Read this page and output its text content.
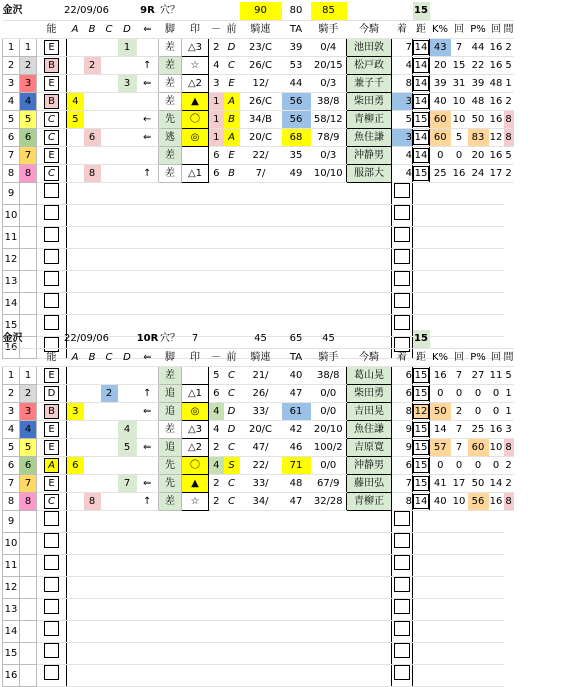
金沢		22/09/06					9R	穴？				90	80	85			15							
		能	A	B	C	D	⇐	脚	印	－	前	騎連	TA	騎手	今騎	着	距	K%	回	P%	回	間	
1	1	E				1		差	△3	2	D	23/C	39	0/4	池田敦	7	14	43	7	44	16	2	
2	2	B		2			↑	差	☆	4	C	26/C	53	20/15	松戸政	4	14	20	15	22	16	5	
3	3	E				3	⇐	差	△2	3	E	12/	44	0/3	兼子千	8	14	39	31	39	48	1	
4	4	B	4					差	▲	1	A	26/C	56	38/8	柴田勇	3	14	40	10	48	16	2	
5	5	C	5				←	先	〇	1	B	34/B	56	58/12	青柳正	5	15	60	10	50	16	8	
6	6	C		6			⇐	逃	◎	1	A	20/C	68	78/9	魚住謙	3	14	60	5	83	12	8	
7	7	E						差		6	E	22/	35	0/3	沖静男	4	14	0	0	20	16	5	
8	8	C		8			↑	差	△1	6	B	7/	49	10/10	服部大	4	15	25	16	24	17	2	
9																							
10																							
11																							
12																							
13																							
14																							
15																							
16																							
金沢		22/09/06					10R	穴？	7			45	65	45			15							
		能	A	B	C	D	⇐	脚	印	－	前	騎連	TA	騎手	今騎	着	距	K%	回	P%	回	間	
1	1	E						差		5	C	21/	40	38/8	葛山晃	6	15	16	7	27	11	5	
2	2	D			2		↑	追	△1	6	C	26/	47	0/0	柴田勇	6	15	0	0	0	0	1	
3	3	B	3				⇐	追	◎	4	D	33/	61	0/0	吉田晃	8	12	50	2	0	0	1	
4	4	E				4		差	△3	4	D	20/C	42	20/10	魚住謙	9	15	14	7	25	16	3	
5	5	E				5	⇐	追	△2	2	C	47/	46	100/2	吉原寛	9	15	57	7	60	10	8	
6	6	A	6					先	〇	4	S	22/	71	0/0	沖静男	6	15	0	0	0	0	2	
7	7	E				7	⇐	先	▲	2	C	33/	48	67/9	藤田弘	7	15	41	17	50	14	2	
8	8	C		8			↑	差	☆	2	C	34/	47	32/28	青柳正	8	14	40	10	56	16	8	
9																							
10																							
11																							
12																							
13																							
14																							
15																							
16																							
